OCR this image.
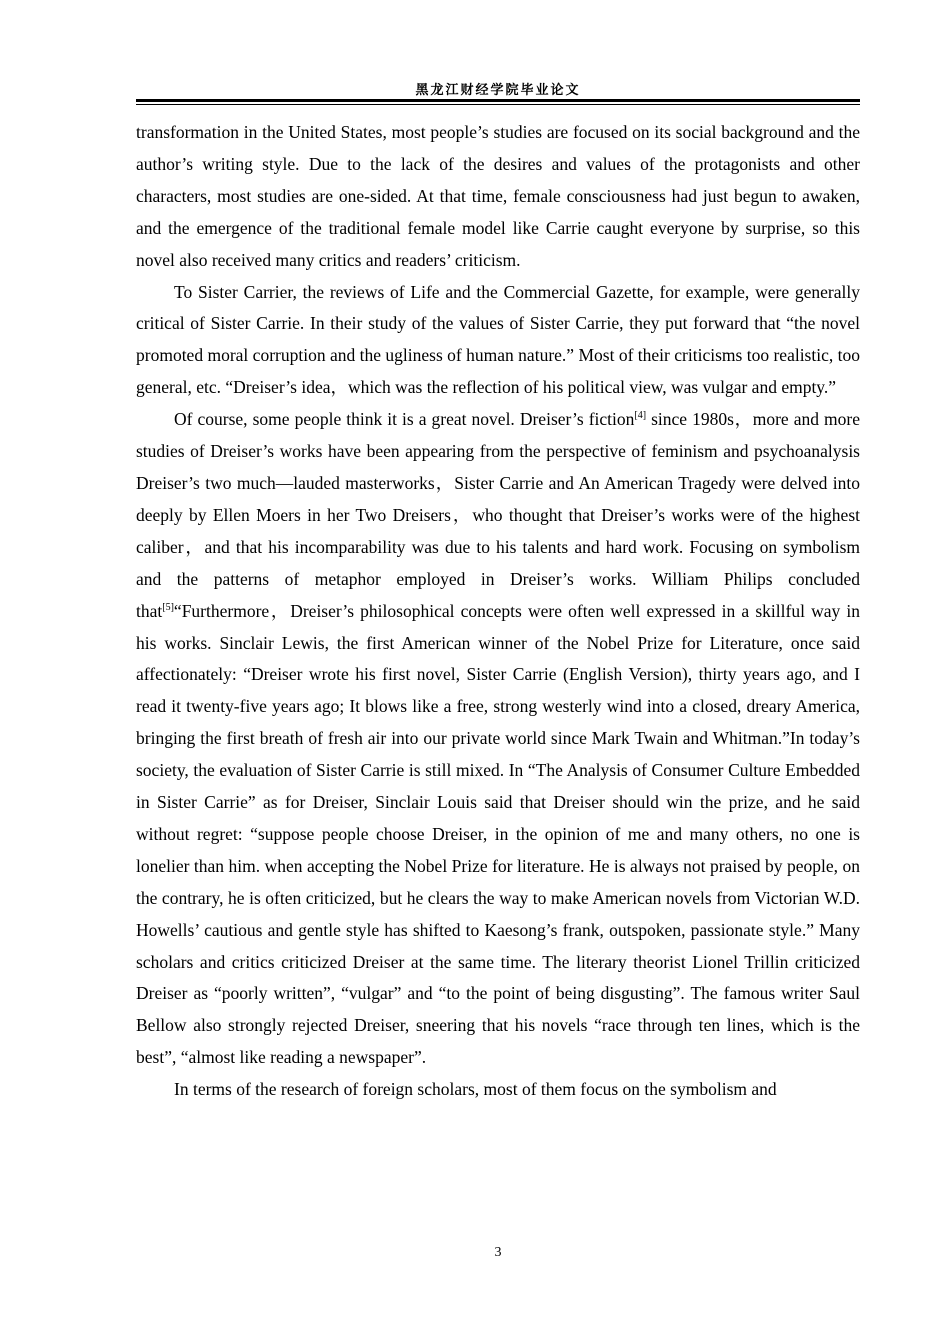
黑龙江财经学院毕业论文

transformation in the United States, most people’s studies are focused on its social background and the author’s writing style. Due to the lack of the desires and values of the protagonists and other characters, most studies are one-sided. At that time, female consciousness had just begun to awaken, and the emergence of the traditional female model like Carrie caught everyone by surprise, so this novel also received many critics and readers’ criticism.

To Sister Carrier, the reviews of Life and the Commercial Gazette, for example, were generally critical of Sister Carrie. In their study of the values of Sister Carrie, they put forward that “the novel promoted moral corruption and the ugliness of human nature.” Most of their criticisms too realistic, too general, etc. “Dreiser’s idea，which was the reflection of his political view, was vulgar and empty.”

Of course, some people think it is a great novel. Dreiser’s fiction[4] since 1980s，more and more studies of Dreiser’s works have been appearing from the perspective of feminism and psychoanalysis Dreiser’s two much—lauded masterworks，Sister Carrie and An American Tragedy were delved into deeply by Ellen Moers in her Two Dreisers，who thought that Dreiser’s works were of the highest caliber，and that his incomparability was due to his talents and hard work. Focusing on symbolism and the patterns of metaphor employed in Dreiser’s works. William Philips concluded that[5]“Furthermore，Dreiser’s philosophical concepts were often well expressed in a skillful way in his works. Sinclair Lewis, the first American winner of the Nobel Prize for Literature, once said affectionately: “Dreiser wrote his first novel, Sister Carrie (English Version), thirty years ago, and I read it twenty-five years ago; It blows like a free, strong westerly wind into a closed, dreary America, bringing the first breath of fresh air into our private world since Mark Twain and Whitman.”In today’s society, the evaluation of Sister Carrie is still mixed. In “The Analysis of Consumer Culture Embedded in Sister Carrie” as for Dreiser, Sinclair Louis said that Dreiser should win the prize, and he said without regret: “suppose people choose Dreiser, in the opinion of me and many others, no one is lonelier than him. when accepting the Nobel Prize for literature. He is always not praised by people, on the contrary, he is often criticized, but he clears the way to make American novels from Victorian W.D. Howells’ cautious and gentle style has shifted to Kaesong’s frank, outspoken, passionate style.” Many scholars and critics criticized Dreiser at the same time. The literary theorist Lionel Trillin criticized Dreiser as “poorly written”, “vulgar” and “to the point of being disgusting”. The famous writer Saul Bellow also strongly rejected Dreiser, sneering that his novels “race through ten lines, which is the best”, “almost like reading a newspaper”.

In terms of the research of foreign scholars, most of them focus on the symbolism and

3
